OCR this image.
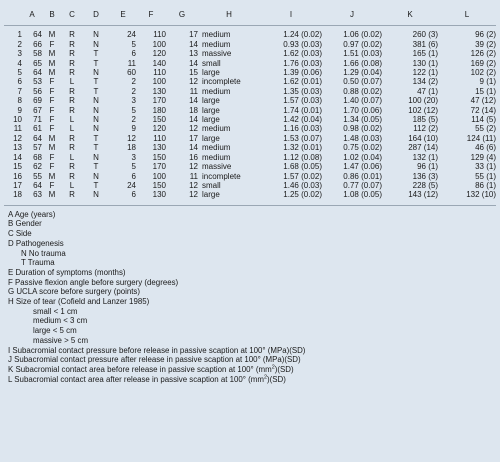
	A	B	C	D	E	F	G	H	I	J	K	L
1	64	M	R	N	24	110	17	medium	1.24 (0.02)	1.06 (0.02)	260 (3)	96 (2)
2	66	F	R	N	5	100	14	medium	0.93 (0.03)	0.97 (0.02)	381 (6)	39 (2)
3	58	M	R	T	6	120	13	massive	1.62 (0.03)	1.51 (0.03)	165 (1)	126 (2)
4	65	M	R	T	11	140	14	small	1.76 (0.03)	1.66 (0.08)	130 (1)	169 (2)
5	64	M	R	N	60	110	15	large	1.39 (0.06)	1.29 (0.04)	122 (1)	102 (2)
6	53	F	L	T	2	100	12	incomplete	1.62 (0.01)	0.50 (0.07)	134 (2)	9 (1)
7	56	F	R	T	2	130	11	medium	1.35 (0.03)	0.88 (0.02)	47 (1)	15 (1)
8	69	F	R	N	3	170	14	large	1.57 (0.03)	1.40 (0.07)	100 (20)	47 (12)
9	67	F	R	N	5	180	18	large	1.74 (0.01)	1.70 (0.06)	102 (12)	72 (14)
10	71	F	L	N	2	150	14	large	1.42 (0.04)	1.34 (0.05)	185 (5)	114 (5)
11	61	F	L	N	9	120	12	medium	1.16 (0.03)	0.98 (0.02)	112 (2)	55 (2)
12	64	M	R	T	12	110	17	large	1.53 (0.07)	1.48 (0.03)	164 (10)	124 (11)
13	57	M	R	T	18	130	14	medium	1.32 (0.01)	0.75 (0.02)	287 (14)	46 (6)
14	68	F	L	N	3	150	16	medium	1.12 (0.08)	1.02 (0.04)	132 (1)	129 (4)
15	62	F	R	T	5	170	12	massive	1.68 (0.05)	1.47 (0.06)	96 (1)	33 (1)
16	55	M	R	N	6	100	11	incomplete	1.57 (0.02)	0.86 (0.01)	136 (3)	55 (1)
17	64	F	L	T	24	150	12	small	1.46 (0.03)	0.77 (0.07)	228 (5)	86 (1)
18	63	M	R	N	6	130	12	large	1.25 (0.02)	1.08 (0.05)	143 (12)	132 (10)
A Age (years)
B Gender
C Side
D Pathogenesis
N No trauma
T Trauma
E Duration of symptoms (months)
F Passive flexion angle before surgery (degrees)
G UCLA score before surgery (points)
H Size of tear (Cofield and Lanzer 1985)
small < 1 cm
medium < 3 cm
large < 5 cm
massive > 5 cm
I Subacromial contact pressure before release in passive scaption at 100° (MPa)(SD)
J Subacromial contact pressure after release in passive scaption at 100° (MPa)(SD)
K Subacromial contact area before release in passive scaption at 100° $(mm^2)(SD)$
L Subacromial contact area after release in passive scaption at 100° $(mm^2)(SD)$
